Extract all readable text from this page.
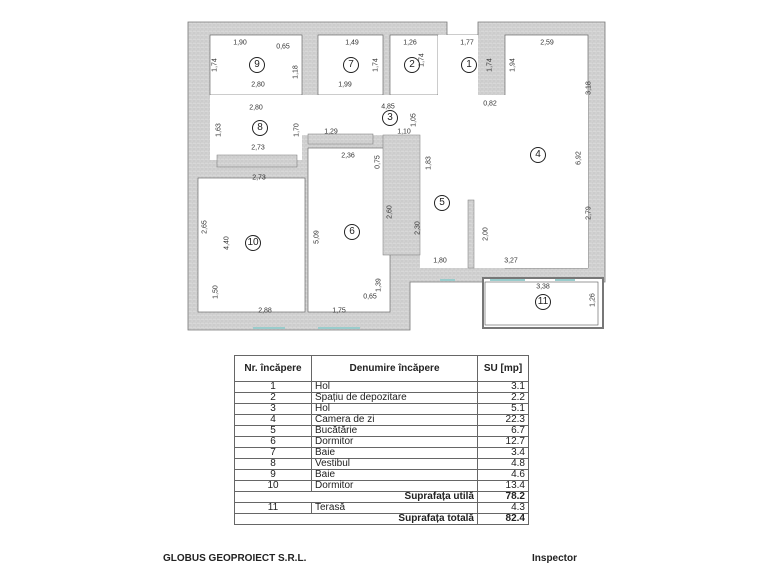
1
2
3
4
5
6
7
8
9
10
11
1,90
0,65
1,49	1,26	1,77	2,59
1,74
1,18
1,74	1,74	1,74 1,94
3,18
2,80	1,99
2,80	4,85	0,82
1,05
1,63	1,70	1,29	1,10
2,73
2,36	0,75	1,83	6,92
2,73
2,65
4,40	5,09
2,60
2,30	2,00
2,79
1,80	3,27
3,38
1,26
1,50
1,39
0,65
2,88	1,75
Nr. încăpere	Denumire încăpere	SU [mp]
1	Hol	3.1
2	Spațiu de depozitare	2.2
3	Hol	5.1
4	Camera de zi	22.3
5	Bucătărie	6.7
6	Dormitor	12.7
7	Baie	3.4
8	Vestibul	4.8
9	Baie	4.6
10	Dormitor	13.4
Suprafața utilă		78.2
11	Terasă	4.3
Suprafața totală		82.4
GLOBUS GEOPROIECT S.R.L.	Inspector
